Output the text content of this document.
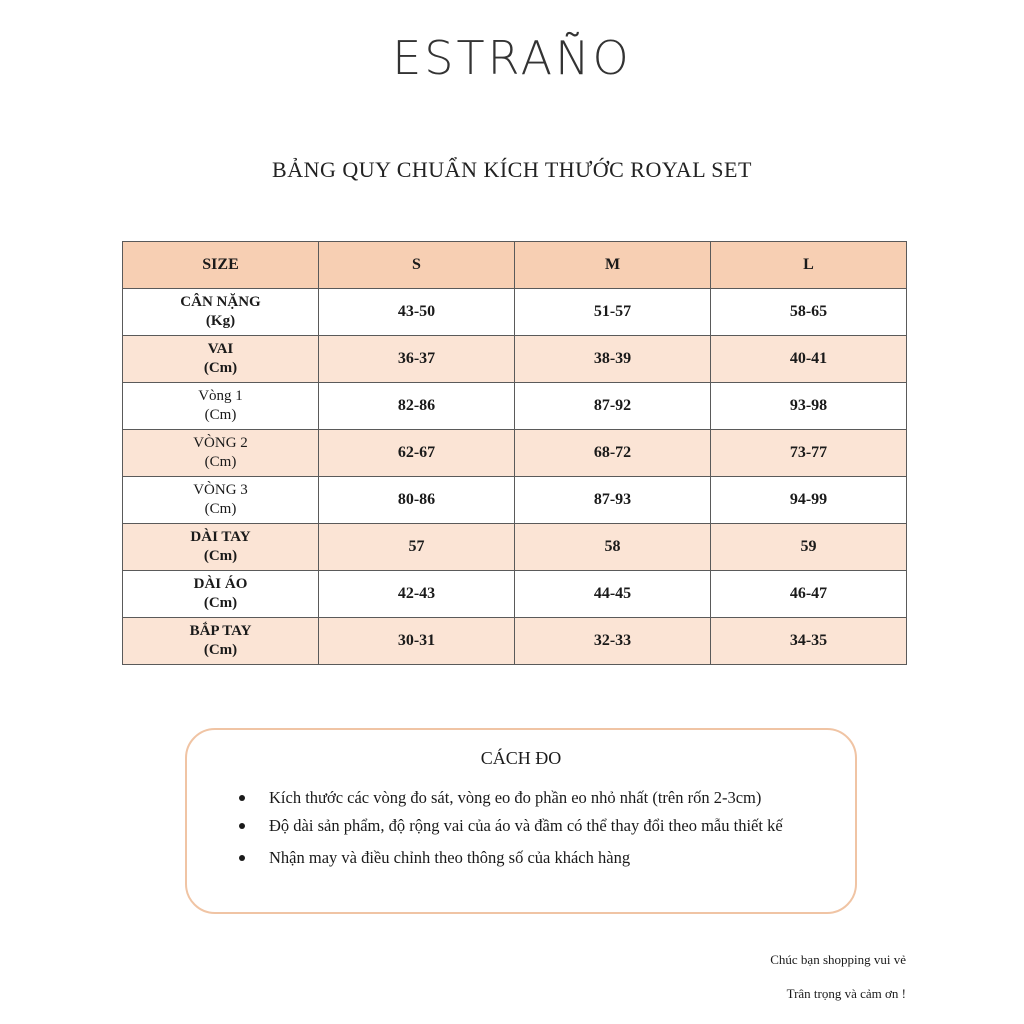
ESTRAÑO
BẢNG QUY CHUẨN KÍCH THƯỚC ROYAL SET
SIZE	S	M	L
CÂN NẶNG
(Kg)	43-50	51-57	58-65
VAI
(Cm)	36-37	38-39	40-41
Vòng 1
(Cm)	82-86	87-92	93-98
VÒNG 2
(Cm)	62-67	68-72	73-77
VÒNG 3
(Cm)	80-86	87-93	94-99
DÀI TAY
(Cm)	57	58	59
DÀI ÁO
(Cm)	42-43	44-45	46-47
BẮP TAY
(Cm)	30-31	32-33	34-35
CÁCH ĐO
Kích thước các vòng đo sát, vòng eo đo phần eo nhỏ nhất (trên rốn 2-3cm)
Độ dài sản phẩm, độ rộng vai của áo và đầm có thể thay đổi theo mẫu thiết kế
Nhận may và điều chỉnh theo thông số của khách hàng
Chúc bạn shopping vui vẻ
Trân trọng và cảm ơn !
